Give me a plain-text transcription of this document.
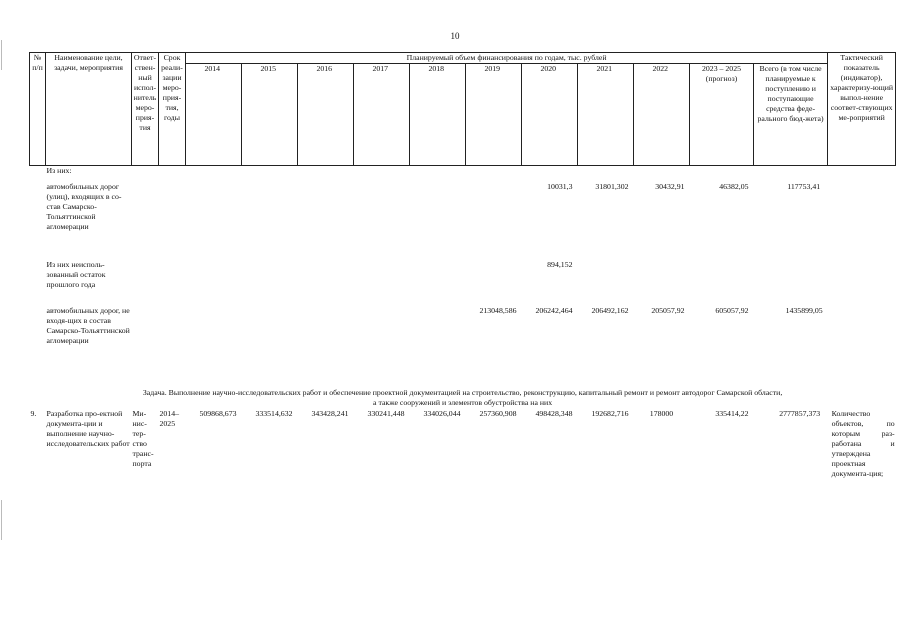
10
№ п/п	Наименование цели, задачи, мероприятия	Ответ-ствен-ный испол-нитель меро-прия-тия	Срок реали-зации меро-прия-тия, годы	Планируемый объем финансирования по годам, тыс. рублей											Тактический показатель (индикатор), характеризу-ющий выпол-нение соответ-ствующих ме-роприятий
				2014	2015	2016	2017	2018	2019	2020	2021	2022	2023 – 2025 (прогноз)	Всего (в том числе планируемые к поступлению и поступающие средства феде-рального бюд-жета)	
	Из них:														
	автомобильных дорог (улиц), входящих в со-став Самарско-Тольяттинской агломерации									10031,3	31801,302	30432,91	46382,05	117753,41	
	Из них неисполь-зованный остаток прошлого года									894,152					
	автомобильных дорог, не входя-щих в состав Самарско-Тольяттинской агломерации								213048,586	206242,464	206492,162	205057,92	605057,92	1435899,05	

Задача. Выполнение научно-исследовательских работ и обеспечение проектной документацией на строительство, реконструкцию, капитальный ремонт и ремонт автодорог Самарской области,
а также сооружений и элементов обустройства на них															

9.	Разработка про-ектной документа-ции и выполнение научно-исследовательских работ	Ми-нис-тер-ство транс-порта	2014– 2025	509868,673	333514,632	343428,241	330241,448	334026,044	257360,908	498428,348	192682,716	178000	335414,22	2777857,373	Количество объектов, по которым раз-работана и утверждена проектная документа-ция;
